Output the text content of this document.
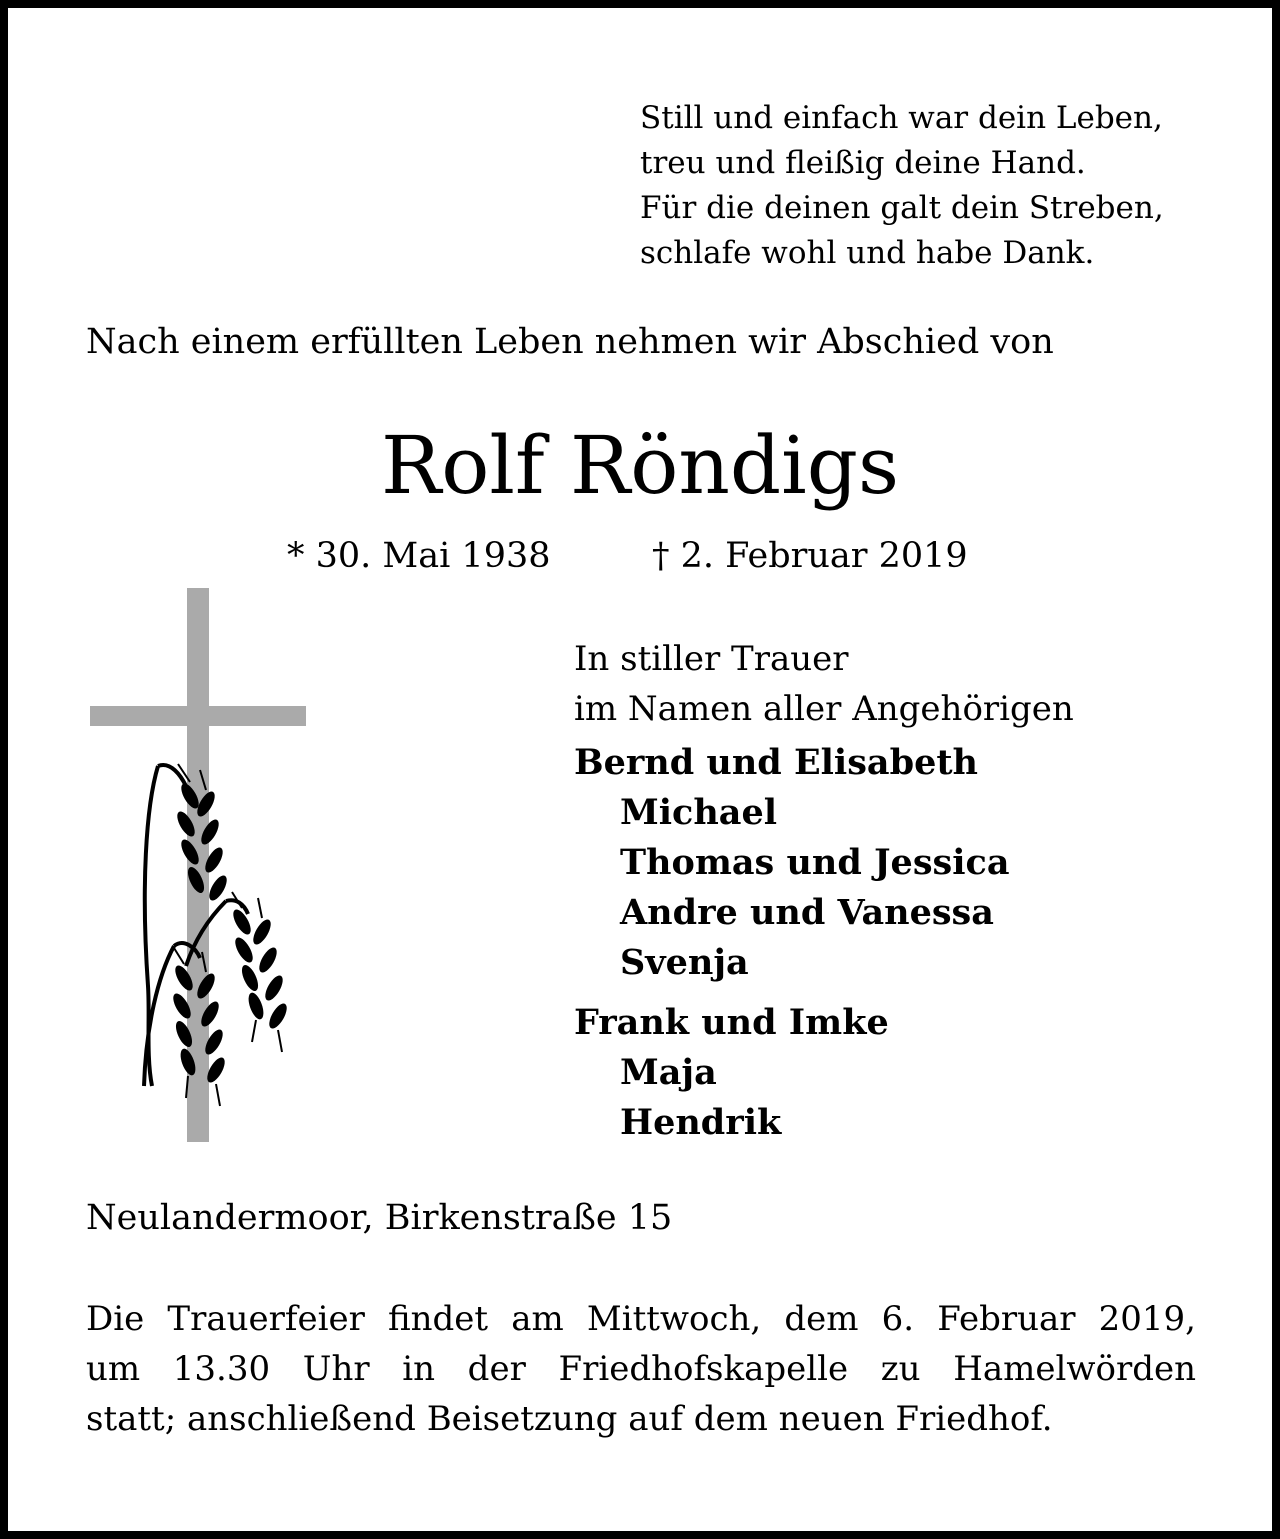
Still und einfach war dein Leben,
treu und fleißig deine Hand.
Für die deinen galt dein Streben,
schlafe wohl und habe Dank.
Nach einem erfüllten Leben nehmen wir Abschied von
Rolf Röndigs
* 30. Mai 1938	† 2. Februar 2019
In stiller Trauer
im Namen aller Angehörigen
Bernd und Elisabeth
Michael
Thomas und Jessica
Andre und Vanessa
Svenja
Frank und Imke
Maja
Hendrik
Neulandermoor, Birkenstraße 15
Die Trauerfeier findet am Mittwoch, dem 6. Februar 2019,
um 13.30 Uhr in der Friedhofskapelle zu Hamelwörden
statt; anschließend Beisetzung auf dem neuen Friedhof.
